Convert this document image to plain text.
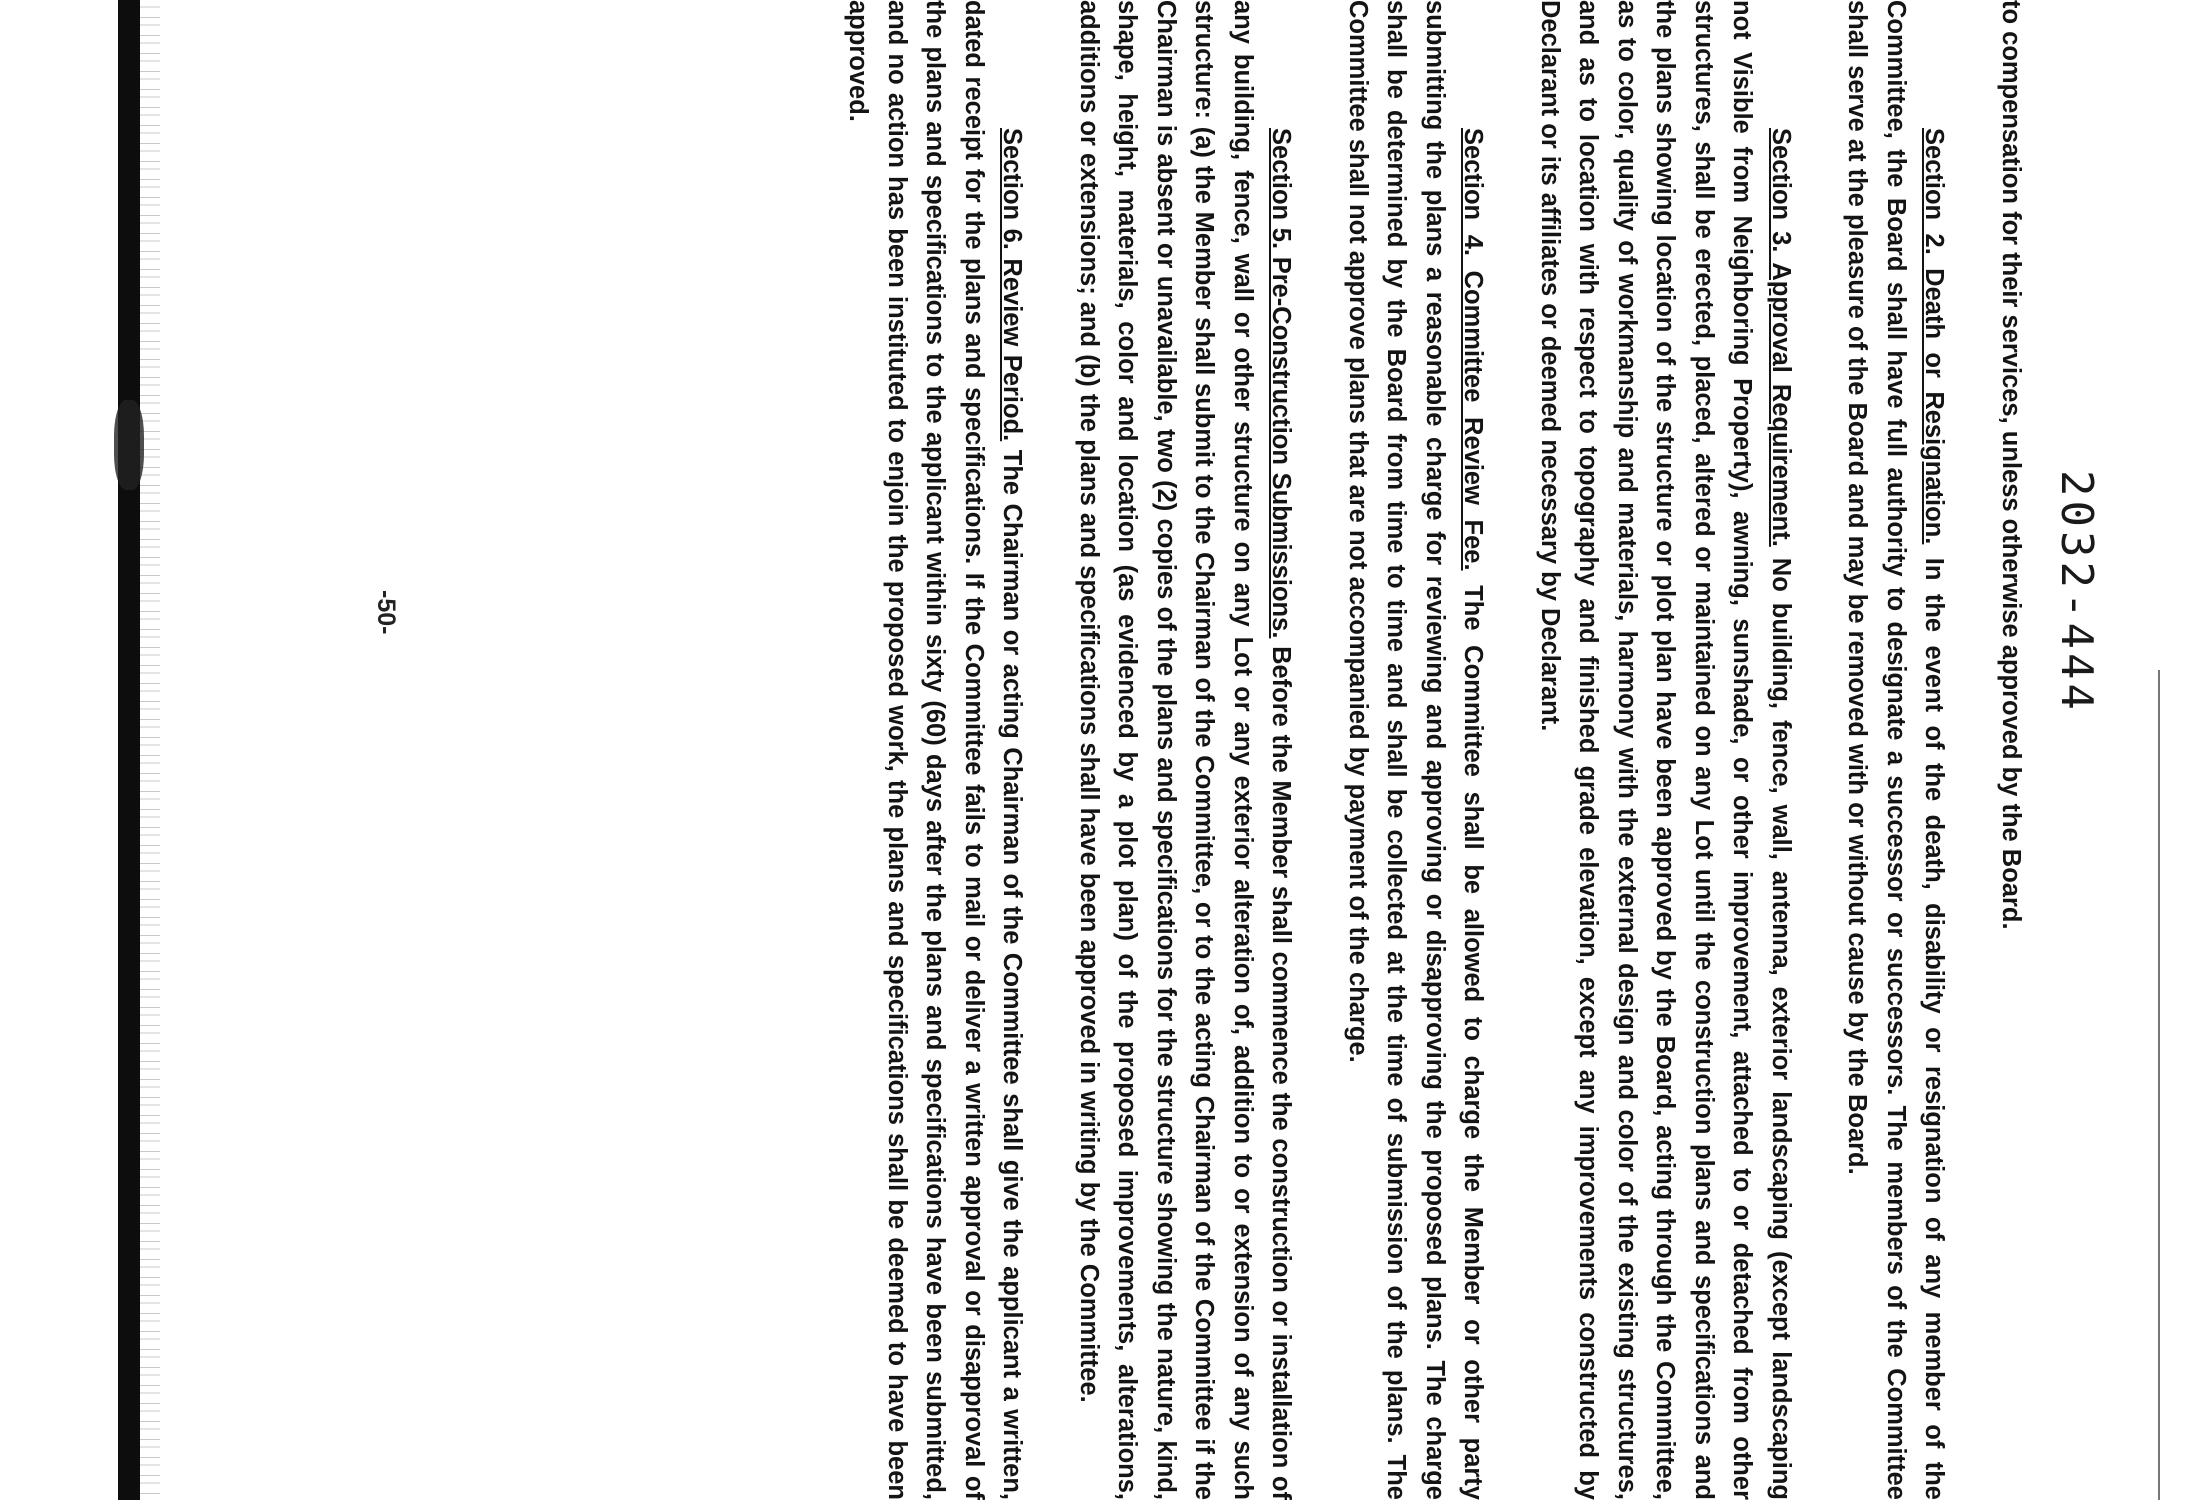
2032-444

to compensation for their services, unless otherwise approved by the Board.

Section 2. Death or Resignation. In the event of the death, disability or resignation of any member of the Committee, the Board shall have full authority to designate a successor or successors. The members of the Committee shall serve at the pleasure of the Board and may be removed with or without cause by the Board.

Section 3. Approval Requirement. No building, fence, wall, antenna, exterior landscaping (except landscaping not Visible from Neighboring Property), awning, sunshade, or other improvement, attached to or detached from other structures, shall be erected, placed, altered or maintained on any Lot until the construction plans and specifications and the plans showing location of the structure or plot plan have been approved by the Board, acting through the Committee, as to color, quality of workmanship and materials, harmony with the external design and color of the existing structures, and as to location with respect to topography and finished grade elevation, except any improvements constructed by Declarant or its affiliates or deemed necessary by Declarant.

Section 4. Committee Review Fee. The Committee shall be allowed to charge the Member or other party submitting the plans a reasonable charge for reviewing and approving or disapproving the proposed plans. The charge shall be determined by the Board from time to time and shall be collected at the time of submission of the plans. The Committee shall not approve plans that are not accompanied by payment of the charge.

Section 5. Pre-Construction Submissions. Before the Member shall commence the construction or installation of any building, fence, wall or other structure on any Lot or any exterior alteration of, addition to or extension of any such structure: (a) the Member shall submit to the Chairman of the Committee, or to the acting Chairman of the Committee if the Chairman is absent or unavailable, two (2) copies of the plans and specifications for the structure showing the nature, kind, shape, height, materials, color and location (as evidenced by a plot plan) of the proposed improvements, alterations, additions or extensions; and (b) the plans and specifications shall have been approved in writing by the Committee.

Section 6. Review Period. The Chairman or acting Chairman of the Committee shall give the applicant a written, dated receipt for the plans and specifications. If the Committee fails to mail or deliver a written approval or disapproval of the plans and specifications to the applicant within sixty (60) days after the plans and specifications have been submitted, and no action has been instituted to enjoin the proposed work, the plans and specifications shall be deemed to have been approved.

-50-
